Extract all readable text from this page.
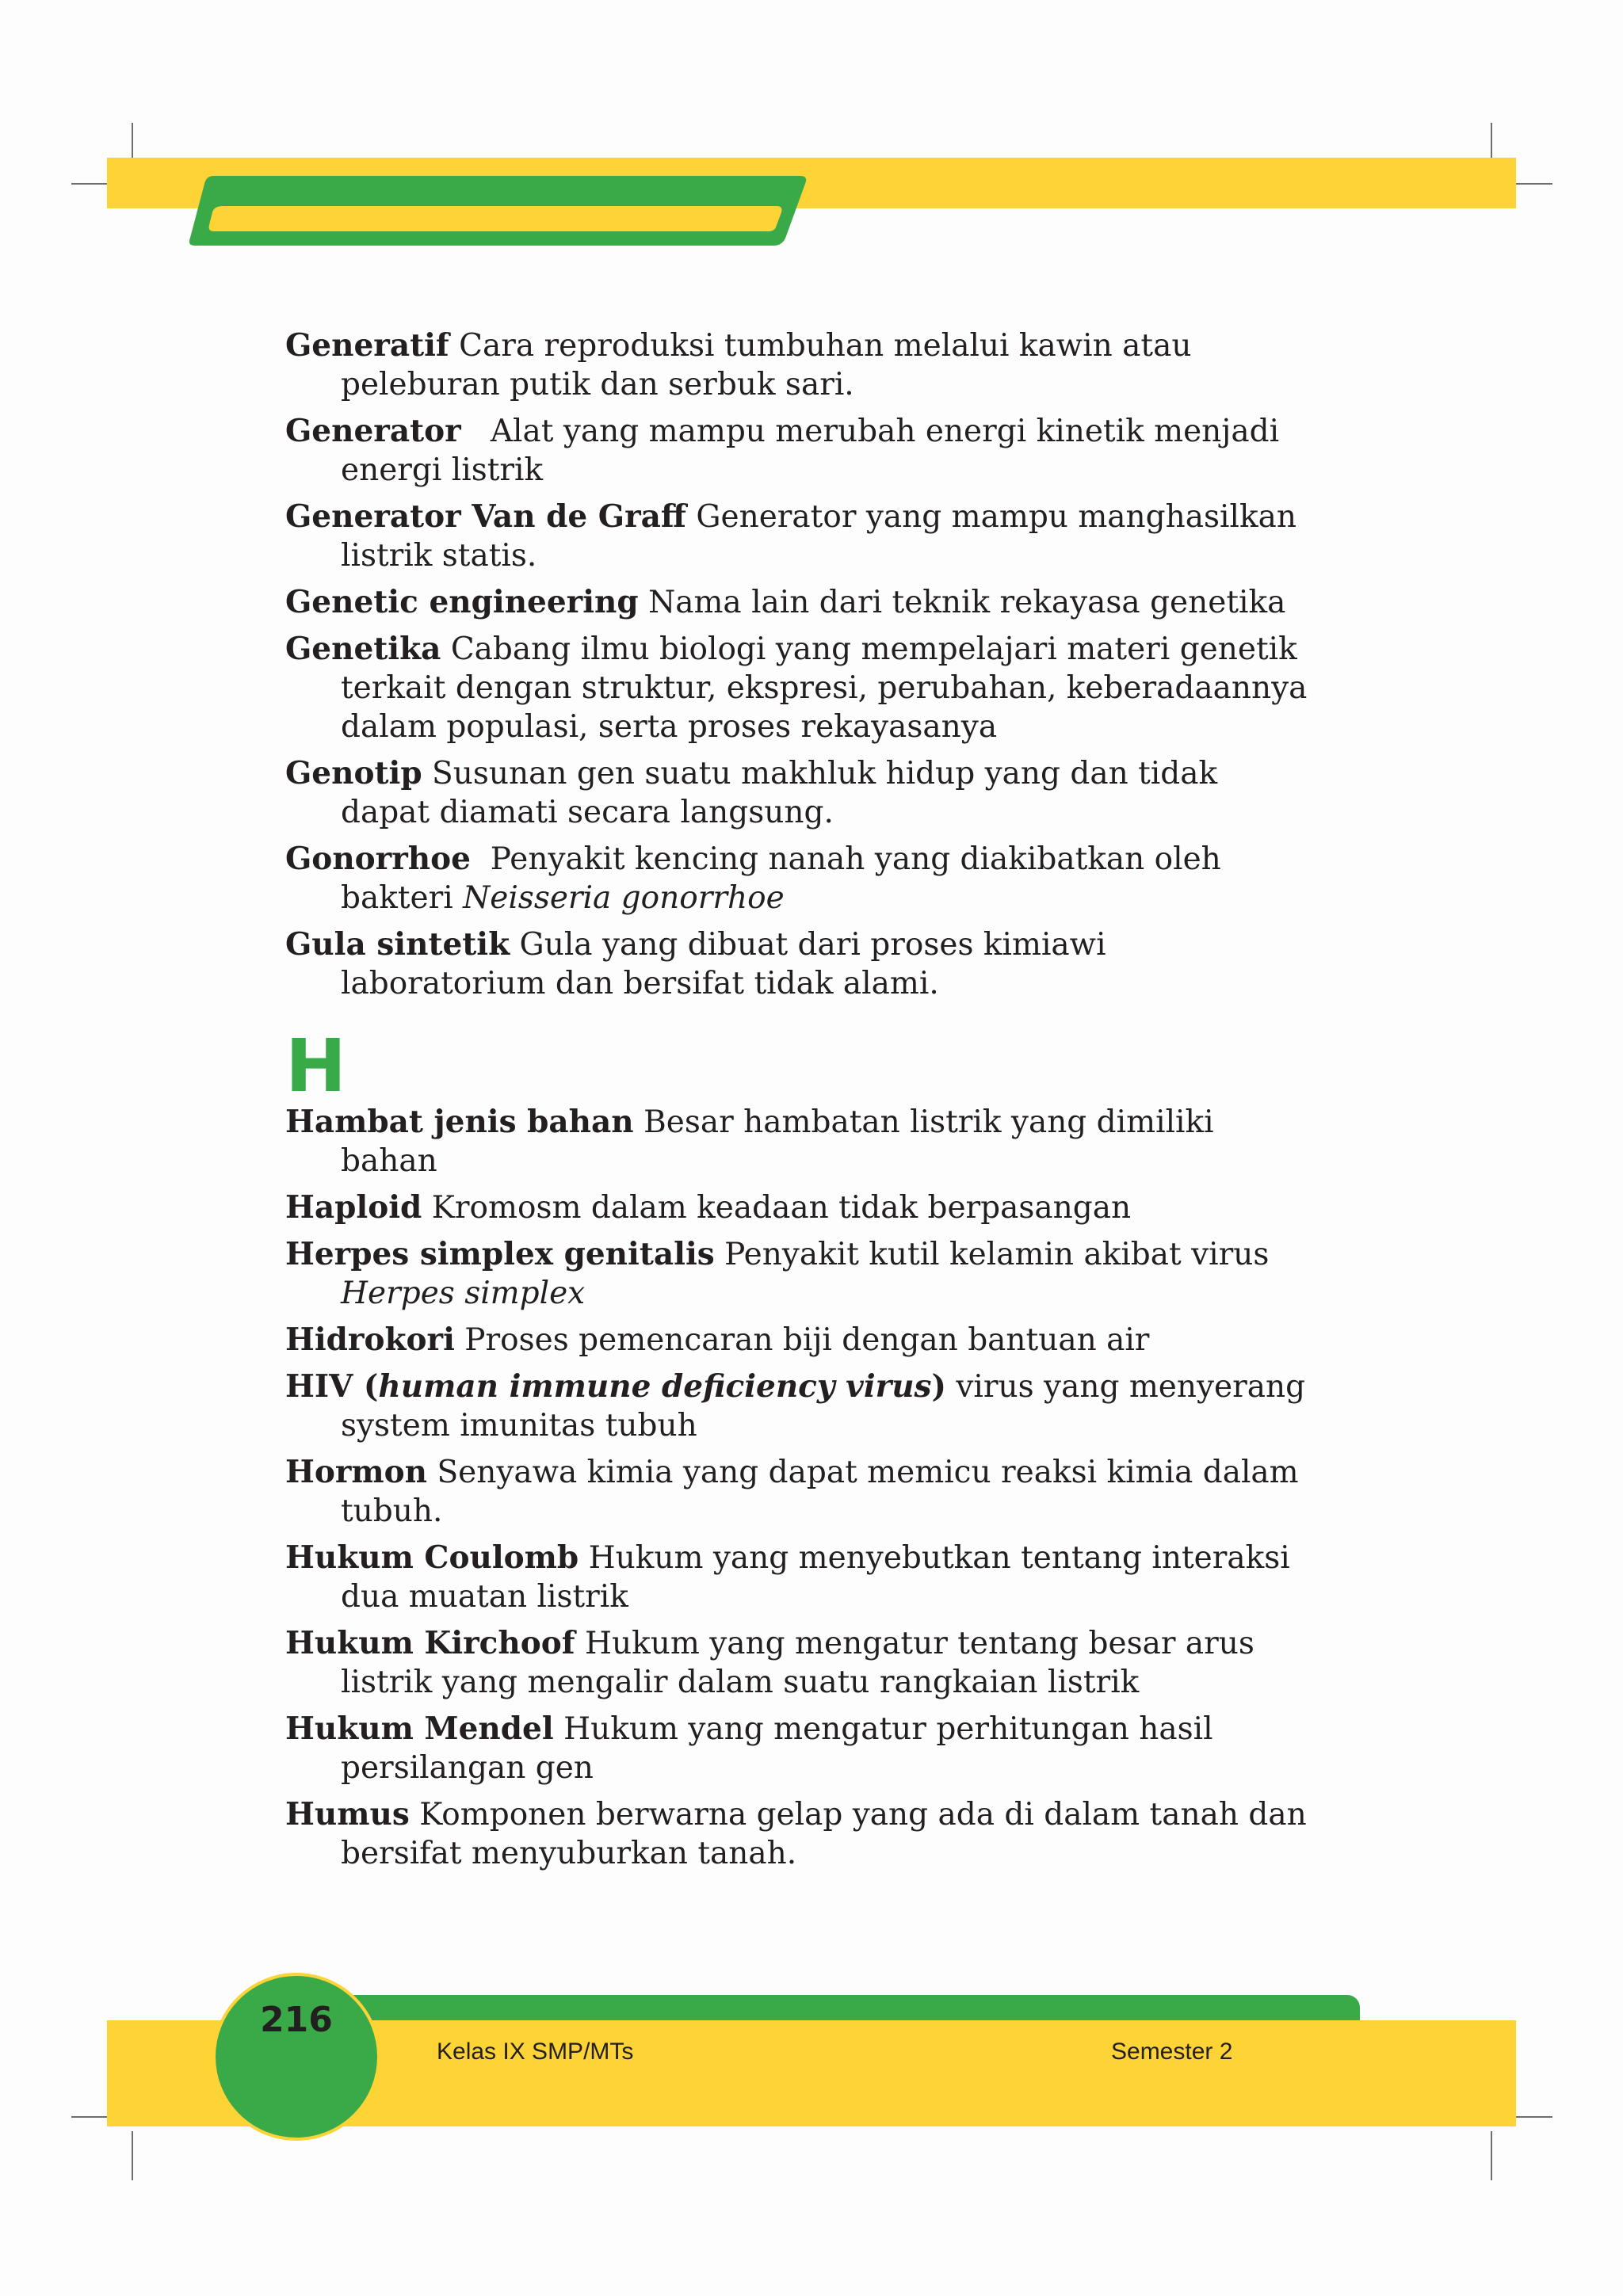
Generatif Cara reproduksi tumbuhan melalui kawin atau peleburan putik dan serbuk sari.

Generator Alat yang mampu merubah energi kinetik menjadi energi listrik

Generator Van de Graff Generator yang mampu manghasilkan listrik statis.

Genetic engineering Nama lain dari teknik rekayasa genetika

Genetika Cabang ilmu biologi yang mempelajari materi genetik terkait dengan struktur, ekspresi, perubahan, keberadaannya dalam populasi, serta proses rekayasanya

Genotip Susunan gen suatu makhluk hidup yang dan tidak dapat diamati secara langsung.

Gonorrhoe Penyakit kencing nanah yang diakibatkan oleh bakteri Neisseria gonorrhoe

Gula sintetik Gula yang dibuat dari proses kimiawi laboratorium dan bersifat tidak alami.

H

Hambat jenis bahan Besar hambatan listrik yang dimiliki bahan

Haploid Kromosm dalam keadaan tidak berpasangan

Herpes simplex genitalis Penyakit kutil kelamin akibat virus Herpes simplex

Hidrokori Proses pemencaran biji dengan bantuan air

HIV (human immune deficiency virus) virus yang menyerang system imunitas tubuh

Hormon Senyawa kimia yang dapat memicu reaksi kimia dalam tubuh.

Hukum Coulomb Hukum yang menyebutkan tentang interaksi dua muatan listrik

Hukum Kirchoof Hukum yang mengatur tentang besar arus listrik yang mengalir dalam suatu rangkaian listrik

Hukum Mendel Hukum yang mengatur perhitungan hasil persilangan gen

Humus Komponen berwarna gelap yang ada di dalam tanah dan bersifat menyuburkan tanah.

216
Kelas IX SMP/MTs	Semester 2
